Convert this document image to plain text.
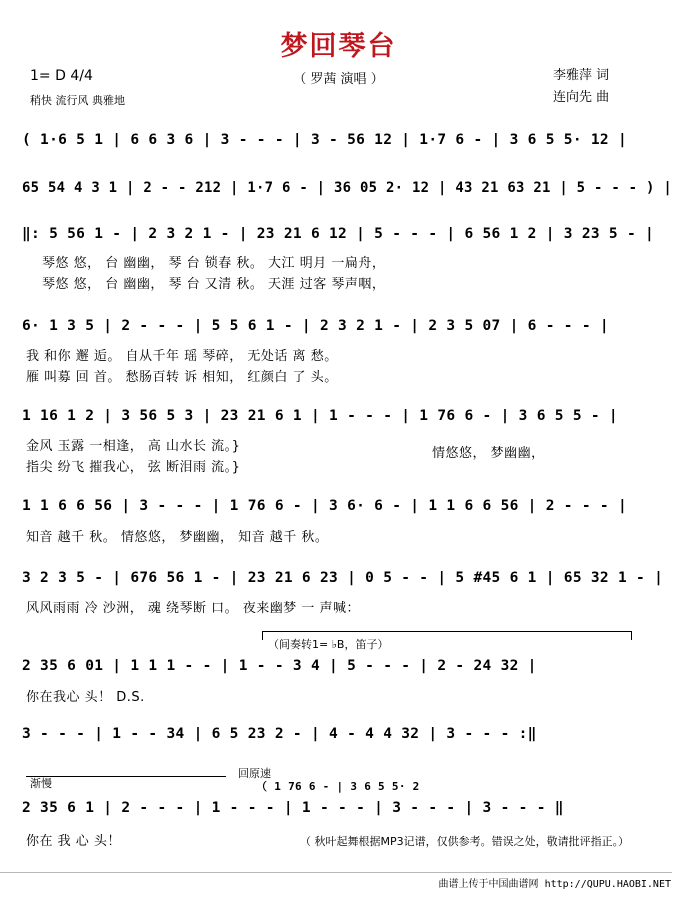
梦回琴台
（ 罗茜 演唱 ）
1= D 4/4
稍快 流行风 典雅地
李雅萍 词
连向先 曲
( 1·6 5 1 | 6 6 3 6 | 3 - - - | 3 - 56 12 | 1·7 6 - | 3 6 5 5· 12 |
65 54 4 3 1 | 2 - - 212 | 1·7 6 - | 36 05 2· 12 | 43 21 63 21 | 5 - - - ) |
‖: 5 56 1 - | 2 3 2 1 - | 23 21 6 12 | 5 - - - | 6 56 1 2 | 3 23 5 - |
琴悠 悠， 台 幽幽， 琴 台 锁春 秋。 大江 明月 一扁舟，
琴悠 悠， 台 幽幽， 琴 台 又清 秋。 天涯 过客 琴声咽，
6· 1 3 5 | 2 - - - | 5 5 6 1 - | 2 3 2 1 - | 2 3 5 07 | 6 - - - |
我 和你 邂 逅。 自从千年 瑶 琴碎， 无处话 离 愁。
雁 叫募 回 首。 愁肠百转 诉 相知， 红颜白 了 头。
1 16 1 2 | 3 56 5 3 | 23 21 6 1 | 1 - - - | 1 76 6 - | 3 6 5 5 - |
金风 玉露 一相逢， 高 山水长 流。}
指尖 纷飞 摧我心， 弦 断泪雨 流。}
情悠悠， 梦幽幽，
1 1 6 6 56 | 3 - - - | 1 76 6 - | 3 6· 6 - | 1 1 6 6 56 | 2 - - - |
知音 越千 秋。 情悠悠， 梦幽幽， 知音 越千 秋。
3 2 3 5 - | 676 56 1 - | 23 21 6 23 | 0 5 - - | 5 #45 6 1 | 65 32 1 - |
风风雨雨 冷 沙洲， 魂 绕琴断 口。 夜来幽梦 一 声喊：
（间奏转1= ♭B，笛子）
2 35 6 01 | 1 1 1 - - | 1 - - 3 4 | 5 - - - | 2 - 24 32 |
你在我心 头！ D.S.
3 - - - | 1 - - 34 | 6 5 23 2 - | 4 - 4 4 32 | 3 - - - :‖
渐慢
回原速
（ 1 76 6 - | 3 6 5 5· 2
2 35 6 1 | 2 - - - | 1 - - - | 1 - - - | 3 - - - | 3 - - - ‖
你在 我 心 头！	（ 秋叶起舞根据MP3记谱，仅供参考。错误之处，敬请批评指正。）
曲谱上传于中国曲谱网 http://QUPU.HAOBI.NET
